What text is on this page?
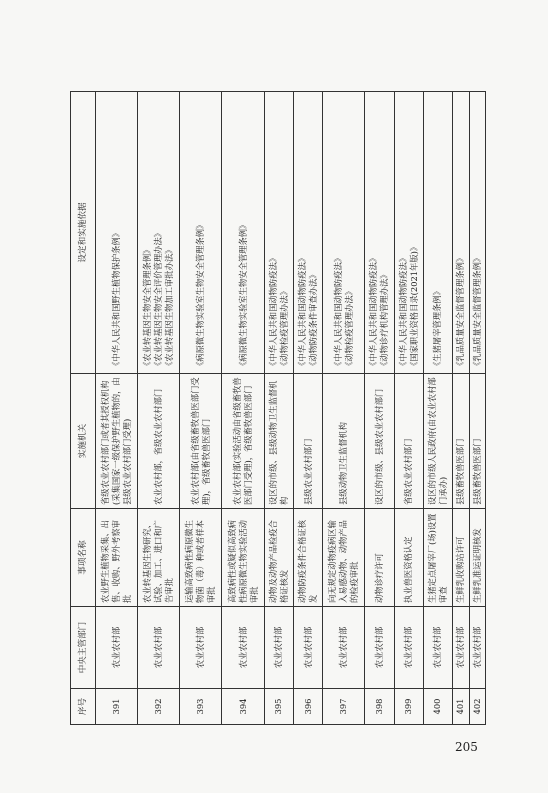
序号	中央主管部门	事项名称	实施机关	设定和实施依据
391	农业农村部	农业野生植物采集、出售、收购、野外考察审批	省级农业农村部门或者其授权机构(采集国家一级保护野生植物的，由县级农业农村部门受理)	《中华人民共和国野生植物保护条例》

392	农业农村部	农业转基因生物研究、试验、加工、进口和广告审批	农业农村部，省级农业农村部门	《农业转基因生物安全管理条例》 《农业转基因生物安全评价管理办法》 《农业转基因生物加工审批办法》

393	农业农村部	运输高致病性病原微生物菌（毒）种或者样本审批	农业农村部(由省级畜牧兽医部门受理)，省级畜牧兽医部门	《病原微生物实验室生物安全管理条例》

394	农业农村部	高致病性或疑似高致病性病原微生物实验活动审批	农业农村部(实验活动由省级畜牧兽医部门受理)，省级畜牧兽医部门	《病原微生物实验室生物安全管理条例》

395	农业农村部	动物及动物产品检疫合格证核发	设区的市级、县级动物卫生监督机构	《中华人民共和国动物防疫法》 《动物检疫管理办法》

396	农业农村部	动物防疫条件合格证核发	县级农业农村部门	《中华人民共和国动物防疫法》 《动物防疫条件审查办法》

397	农业农村部	向无规定动物疫病区输入易感动物、动物产品的检疫审批	县级动物卫生监督机构	《中华人民共和国动物防疫法》 《动物检疫管理办法》

398	农业农村部	动物诊疗许可	设区的市级、县级农业农村部门	《中华人民共和国动物防疫法》 《动物诊疗机构管理办法》

399	农业农村部	执业兽医资格认定	省级农业农村部门	《中华人民共和国动物防疫法》 《国家职业资格目录(2021年版)》

400	农业农村部	生猪定点屠宰厂(场)设置审查	设区的市级人民政府(由农业农村部门承办)	《生猪屠宰管理条例》

401	农业农村部	生鲜乳收购站许可	县级畜牧兽医部门	《乳品质量安全监督管理条例》

402	农业农村部	生鲜乳准运证明核发	县级畜牧兽医部门	《乳品质量安全监督管理条例》
205
